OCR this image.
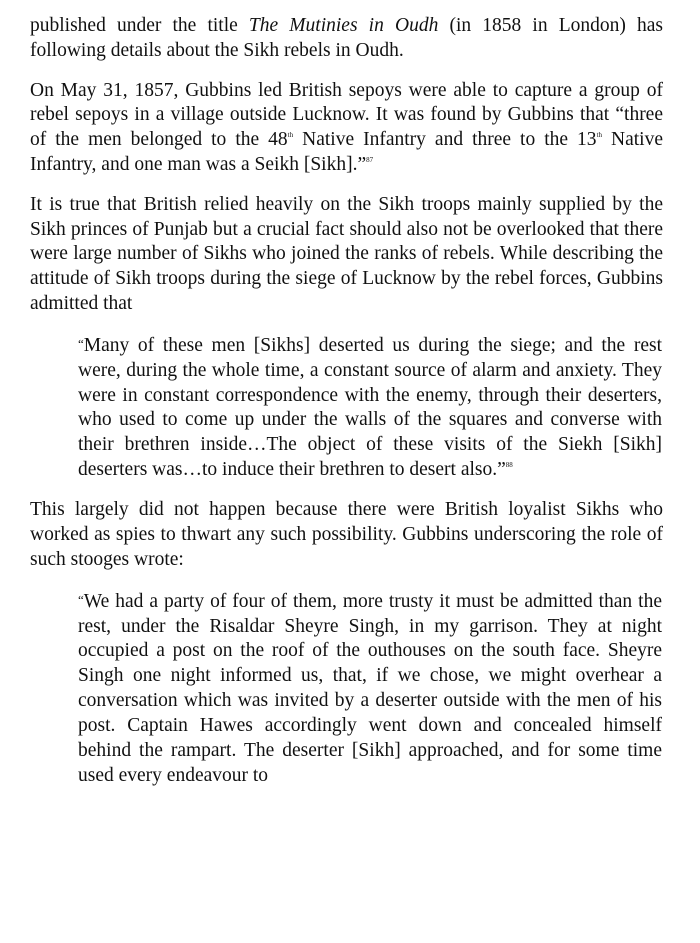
published under the title The Mutinies in Oudh (in 1858 in London) has following details about the Sikh rebels in Oudh.

On May 31, 1857, Gubbins led British sepoys were able to capture a group of rebel sepoys in a village outside Lucknow. It was found by Gubbins that “three of the men belonged to the 48th Native Infantry and three to the 13th Native Infantry, and one man was a Seikh [Sikh].”$^{87}$

It is true that British relied heavily on the Sikh troops mainly supplied by the Sikh princes of Punjab but a crucial fact should also not be overlooked that there were large number of Sikhs who joined the ranks of rebels. While describing the attitude of Sikh troops during the siege of Lucknow by the rebel forces, Gubbins admitted that

“Many of these men [Sikhs] deserted us during the siege; and the rest were, during the whole time, a constant source of alarm and anxiety. They were in constant correspondence with the enemy, through their deserters, who used to come up under the walls of the squares and converse with their brethren inside…The object of these visits of the Siekh [Sikh] deserters was…to induce their brethren to desert also.”$^{88}$

This largely did not happen because there were British loyalist Sikhs who worked as spies to thwart any such possibility. Gubbins underscoring the role of such stooges wrote:

“We had a party of four of them, more trusty it must be admitted than the rest, under the Risaldar Sheyre Singh, in my garrison. They at night occupied a post on the roof of the outhouses on the south face. Sheyre Singh one night informed us, that, if we chose, we might overhear a conversation which was invited by a deserter outside with the men of his post. Captain Hawes accordingly went down and concealed himself behind the rampart. The deserter [Sikh] approached, and for some time used every endeavour to
